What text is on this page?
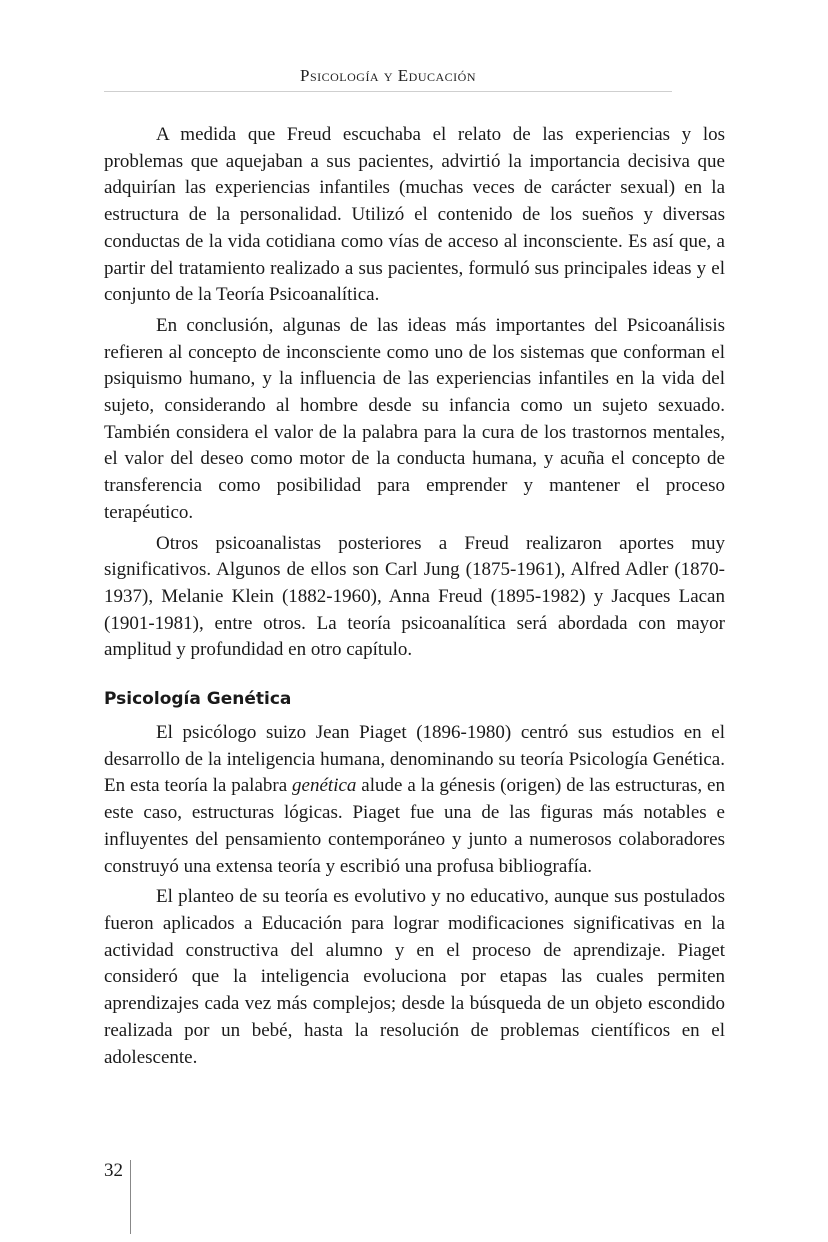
Psicología y Educación

A medida que Freud escuchaba el relato de las experiencias y los problemas que aquejaban a sus pacientes, advirtió la importancia decisiva que adquirían las experiencias infantiles (muchas veces de carácter sexual) en la estructura de la personalidad. Utilizó el contenido de los sueños y diversas conductas de la vida cotidiana como vías de acceso al inconsciente. Es así que, a partir del tratamiento realizado a sus pacientes, formuló sus principales ideas y el conjunto de la Teoría Psicoanalítica.

En conclusión, algunas de las ideas más importantes del Psicoanálisis refieren al concepto de inconsciente como uno de los sistemas que conforman el psiquismo humano, y la influencia de las experiencias infantiles en la vida del sujeto, considerando al hombre desde su infancia como un sujeto sexuado. También considera el valor de la palabra para la cura de los trastornos mentales, el valor del deseo como motor de la conducta humana, y acuña el concepto de transferencia como posibilidad para emprender y mantener el proceso terapéutico.

Otros psicoanalistas posteriores a Freud realizaron aportes muy significativos. Algunos de ellos son Carl Jung (1875-1961), Alfred Adler (1870-1937), Melanie Klein (1882-1960), Anna Freud (1895-1982) y Jacques Lacan (1901-1981), entre otros. La teoría psicoanalítica será abordada con mayor amplitud y profundidad en otro capítulo.

Psicología Genética

El psicólogo suizo Jean Piaget (1896-1980) centró sus estudios en el desarrollo de la inteligencia humana, denominando su teoría Psicología Genética. En esta teoría la palabra genética alude a la génesis (origen) de las estructuras, en este caso, estructuras lógicas. Piaget fue una de las figuras más notables e influyentes del pensamiento contemporáneo y junto a numerosos colaboradores construyó una extensa teoría y escribió una profusa bibliografía.

El planteo de su teoría es evolutivo y no educativo, aunque sus postulados fueron aplicados a Educación para lograr modificaciones significativas en la actividad constructiva del alumno y en el proceso de aprendizaje. Piaget consideró que la inteligencia evoluciona por etapas las cuales permiten aprendizajes cada vez más complejos; desde la búsqueda de un objeto escondido realizada por un bebé, hasta la resolución de problemas científicos en el adolescente.

32
